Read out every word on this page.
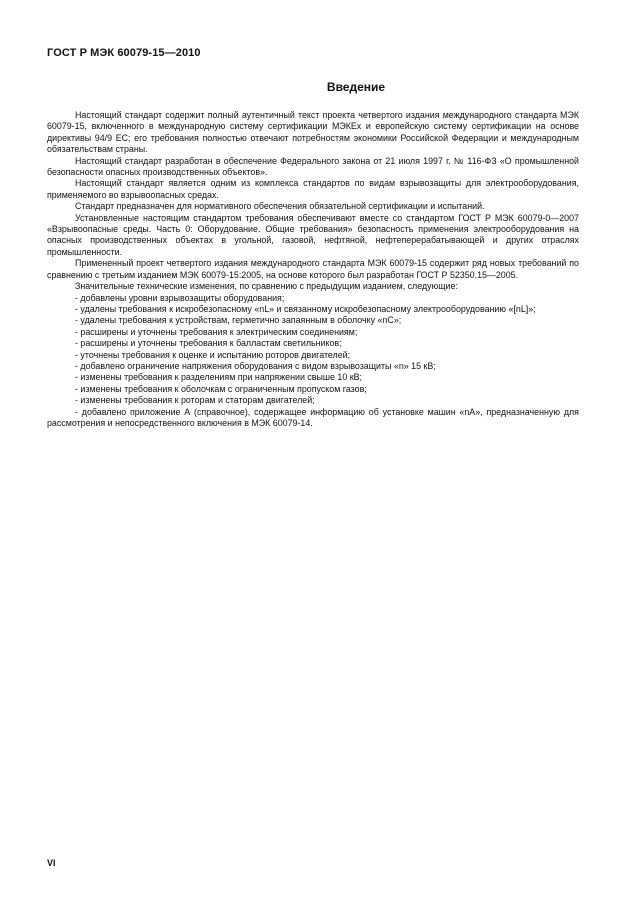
ГОСТ Р МЭК 60079-15—2010
Введение

Настоящий стандарт содержит полный аутентичный текст проекта четвертого издания международного стандарта МЭК 60079-15, включенного в международную систему сертификации МЭКЕх и европейскую систему сертификации на основе директивы 94/9 ЕС; его требования полностью отвечают потребностям экономики Российской Федерации и международным обязательствам страны.

Настоящий стандарт разработан в обеспечение Федерального закона от 21 июля 1997 г. № 116-ФЗ «О промышленной безопасности опасных производственных объектов».

Настоящий стандарт является одним из комплекса стандартов по видам взрывозащиты для электрооборудования, применяемого во взрывоопасных средах.

Стандарт предназначен для нормативного обеспечения обязательной сертификации и испытаний.

Установленные настоящим стандартом требования обеспечивают вместе со стандартом ГОСТ Р МЭК 60079-0—2007 «Взрывоопасные среды. Часть 0: Оборудование. Общие требования» безопасность применения электрооборудования на опасных производственных объектах в угольной, газовой, нефтяной, нефтеперерабатывающей и других отраслях промышленности.

Примененный проект четвертого издания международного стандарта МЭК 60079-15 содержит ряд новых требований по сравнению с третьим изданием МЭК 60079-15:2005, на основе которого был разработан ГОСТ Р 52350.15—2005.

Значительные технические изменения, по сравнению с предыдущим изданием, следующие:

- добавлены уровни взрывозащиты оборудования;

- удалены требования к искробезопасному «nL» и связанному искробезопасному электрооборудованию «[nL]»;

- удалены требования к устройствам, герметично запаянным в оболочку «nC»;

- расширены и уточнены требования к электрическим соединениям;

- расширены и уточнены требования к балластам светильников;

- уточнены требования к оценке и испытанию роторов двигателей;

- добавлено ограничение напряжения оборудования с видом взрывозащиты «n» 15 кВ;

- изменены требования к разделениям при напряжении свыше 10 кВ;

- изменены требования к оболочкам с ограниченным пропуском газов;

- изменены требования к роторам и статорам двигателей;

- добавлено приложение А (справочное), содержащее информацию об установке машин «nA», предназначенную для рассмотрения и непосредственного включения в МЭК 60079-14.

VI
